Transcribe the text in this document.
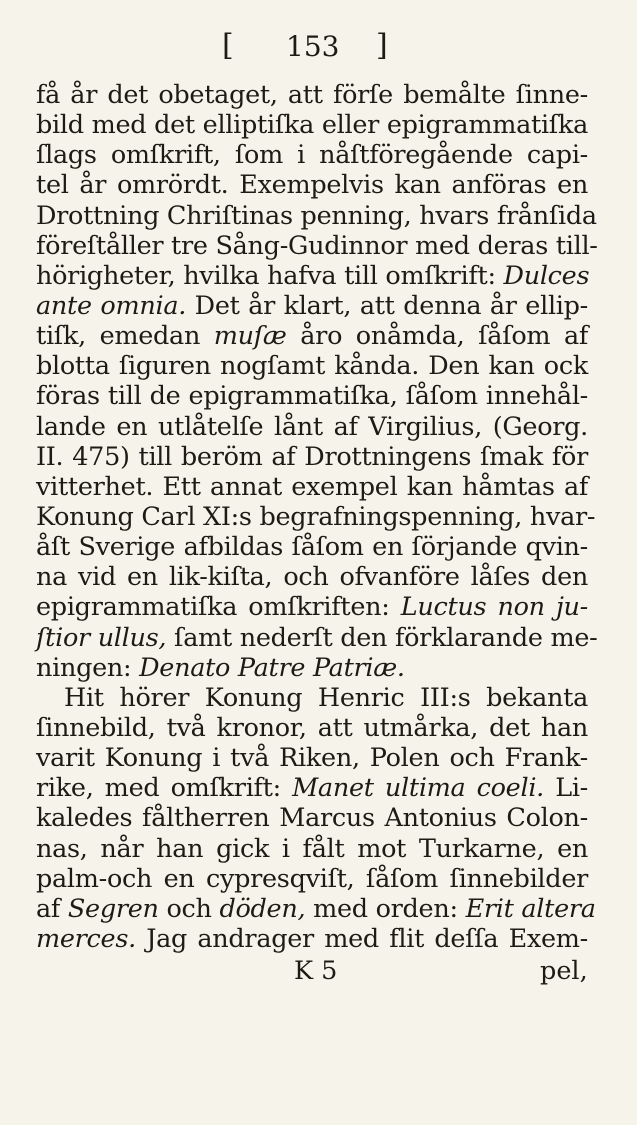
[ 153 ]
få år det obetaget, att förſe bemålte ſinne-
bild med det elliptiſka eller epigrammatiſka
ſlags omſkrift, ſom i nåſtföregående capi-
tel år omrördt. Exempelvis kan anföras en
Drottning Chriſtinas penning, hvars frånſida
föreſtåller tre Sång-Gudinnor med deras till-
hörigheter, hvilka hafva till omſkrift: Dulces
ante omnia. Det år klart, att denna år ellip-
tiſk, emedan muſæ åro onåmda, ſåſom af
blotta ſiguren nogſamt kånda. Den kan ock
föras till de epigrammatiſka, ſåſom innehål-
lande en utlåtelſe lånt af Virgilius, (Georg.
II. 475) till beröm af Drottningens ſmak för
vitterhet. Ett annat exempel kan håmtas af
Konung Carl XI:s begrafningspenning, hvar-
åſt Sverige afbildas ſåſom en ſörjande qvin-
na vid en lik-kiſta, och ofvanföre låſes den
epigrammatiſka omſkriften: Luctus non ju-
ſtior ullus, ſamt nederſt den förklarande me-
ningen: Denato Patre Patriæ.
Hit hörer Konung Henric III:s bekanta
ſinnebild, två kronor, att utmårka, det han
varit Konung i två Riken, Polen och Frank-
rike, med omſkrift: Manet ultima coeli. Li-
kaledes fåltherren Marcus Antonius Colon-
nas, når han gick i fålt mot Turkarne, en
palm-och en cypresqviſt, ſåſom ſinnebilder
af Segren och döden, med orden: Erit altera
merces. Jag andrager med flit deſſa Exem-
K 5	pel,
